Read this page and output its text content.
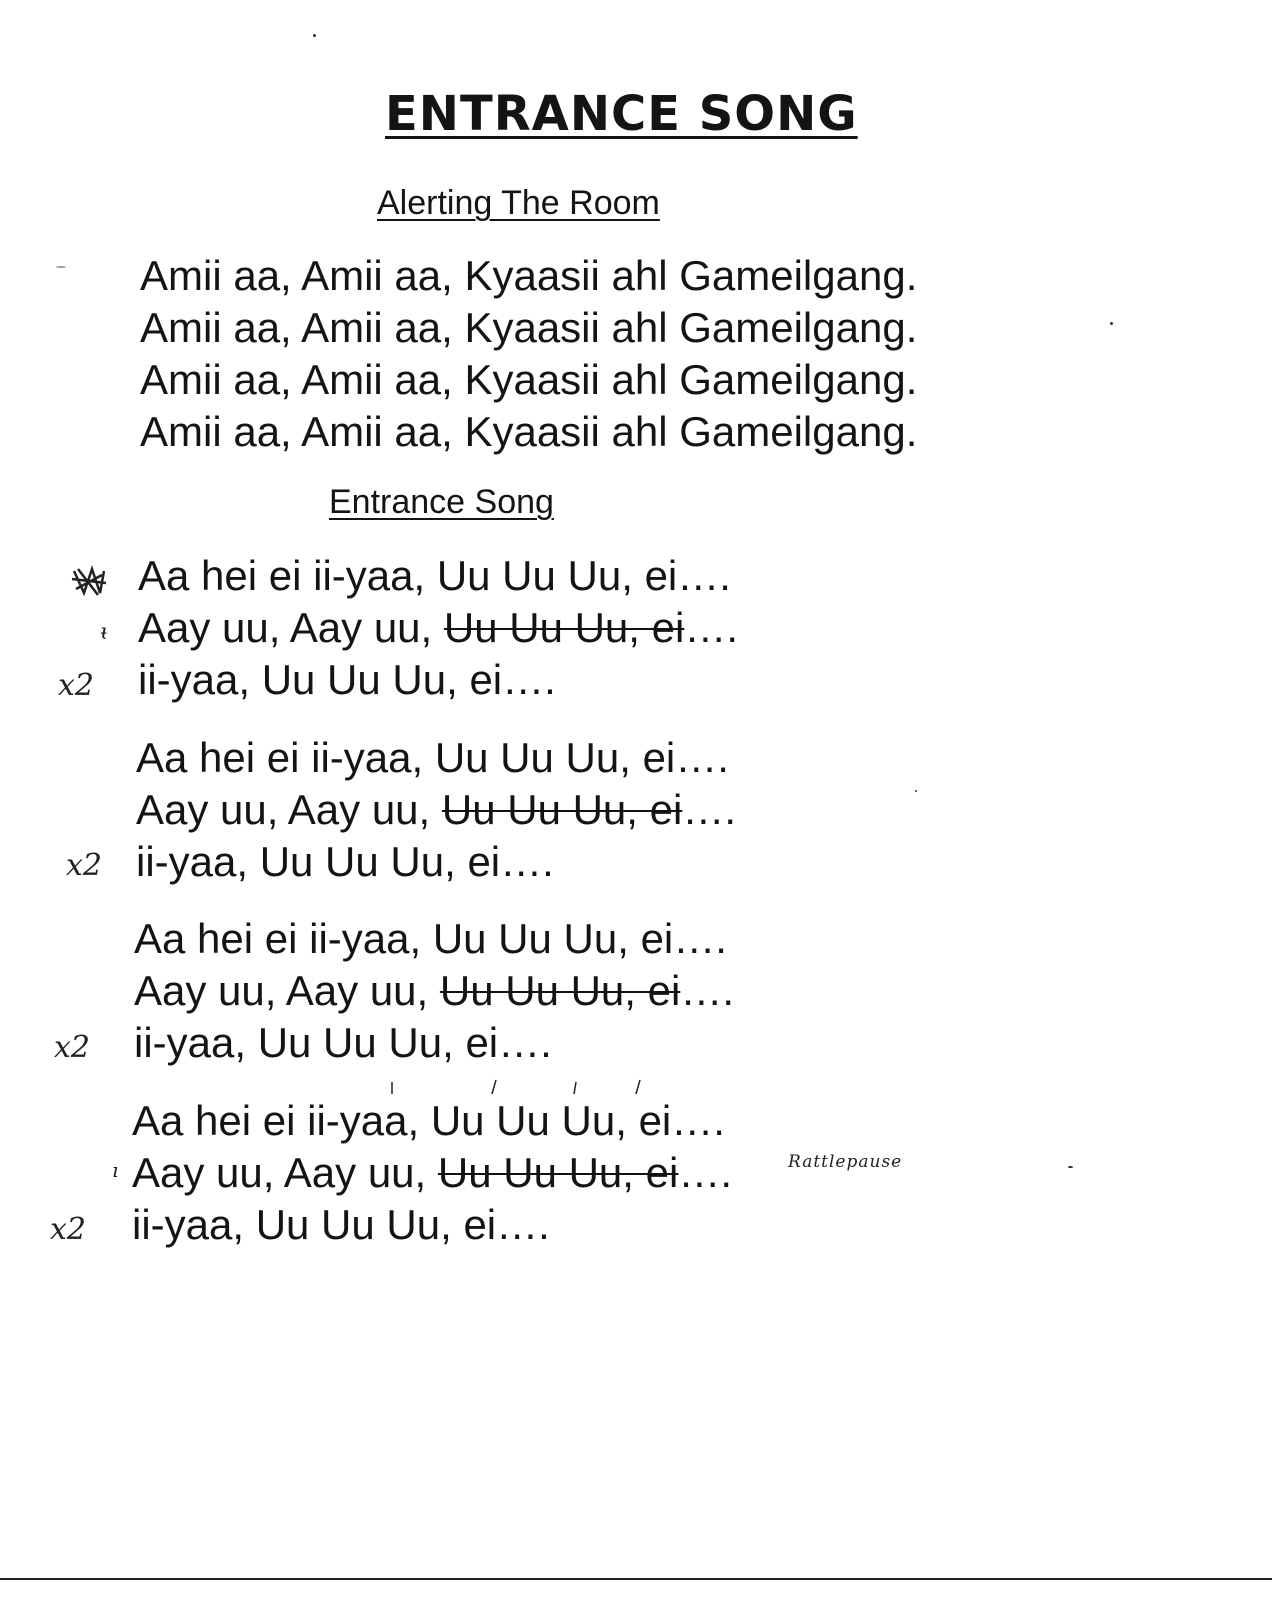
ENTRANCE SONG
Alerting The Room
Amii aa, Amii aa, Kyaasii ahl Gameilgang.
Amii aa, Amii aa, Kyaasii ahl Gameilgang.
Amii aa, Amii aa, Kyaasii ahl Gameilgang.
Amii aa, Amii aa, Kyaasii ahl Gameilgang.
Entrance Song
Aa hei ei ii-yaa, Uu Uu Uu, ei….
ᵼ Aay uu, Aay uu, Uu Uu Uu, ei….
x2 ii-yaa, Uu Uu Uu, ei….
Aa hei ei ii-yaa, Uu Uu Uu, ei….
Aay uu, Aay uu, Uu Uu Uu, ei….
x2 ii-yaa, Uu Uu Uu, ei….
Aa hei ei ii-yaa, Uu Uu Uu, ei….
Aay uu, Aay uu, Uu Uu Uu, ei….
x2 ii-yaa, Uu Uu Uu, ei….
Aa hei ei ii-yaa, Uu Uu Uu, ei….
ı Aay uu, Aay uu, Uu Uu Uu, ei….	Rattlepause
x2 ii-yaa, Uu Uu Uu, ei….
